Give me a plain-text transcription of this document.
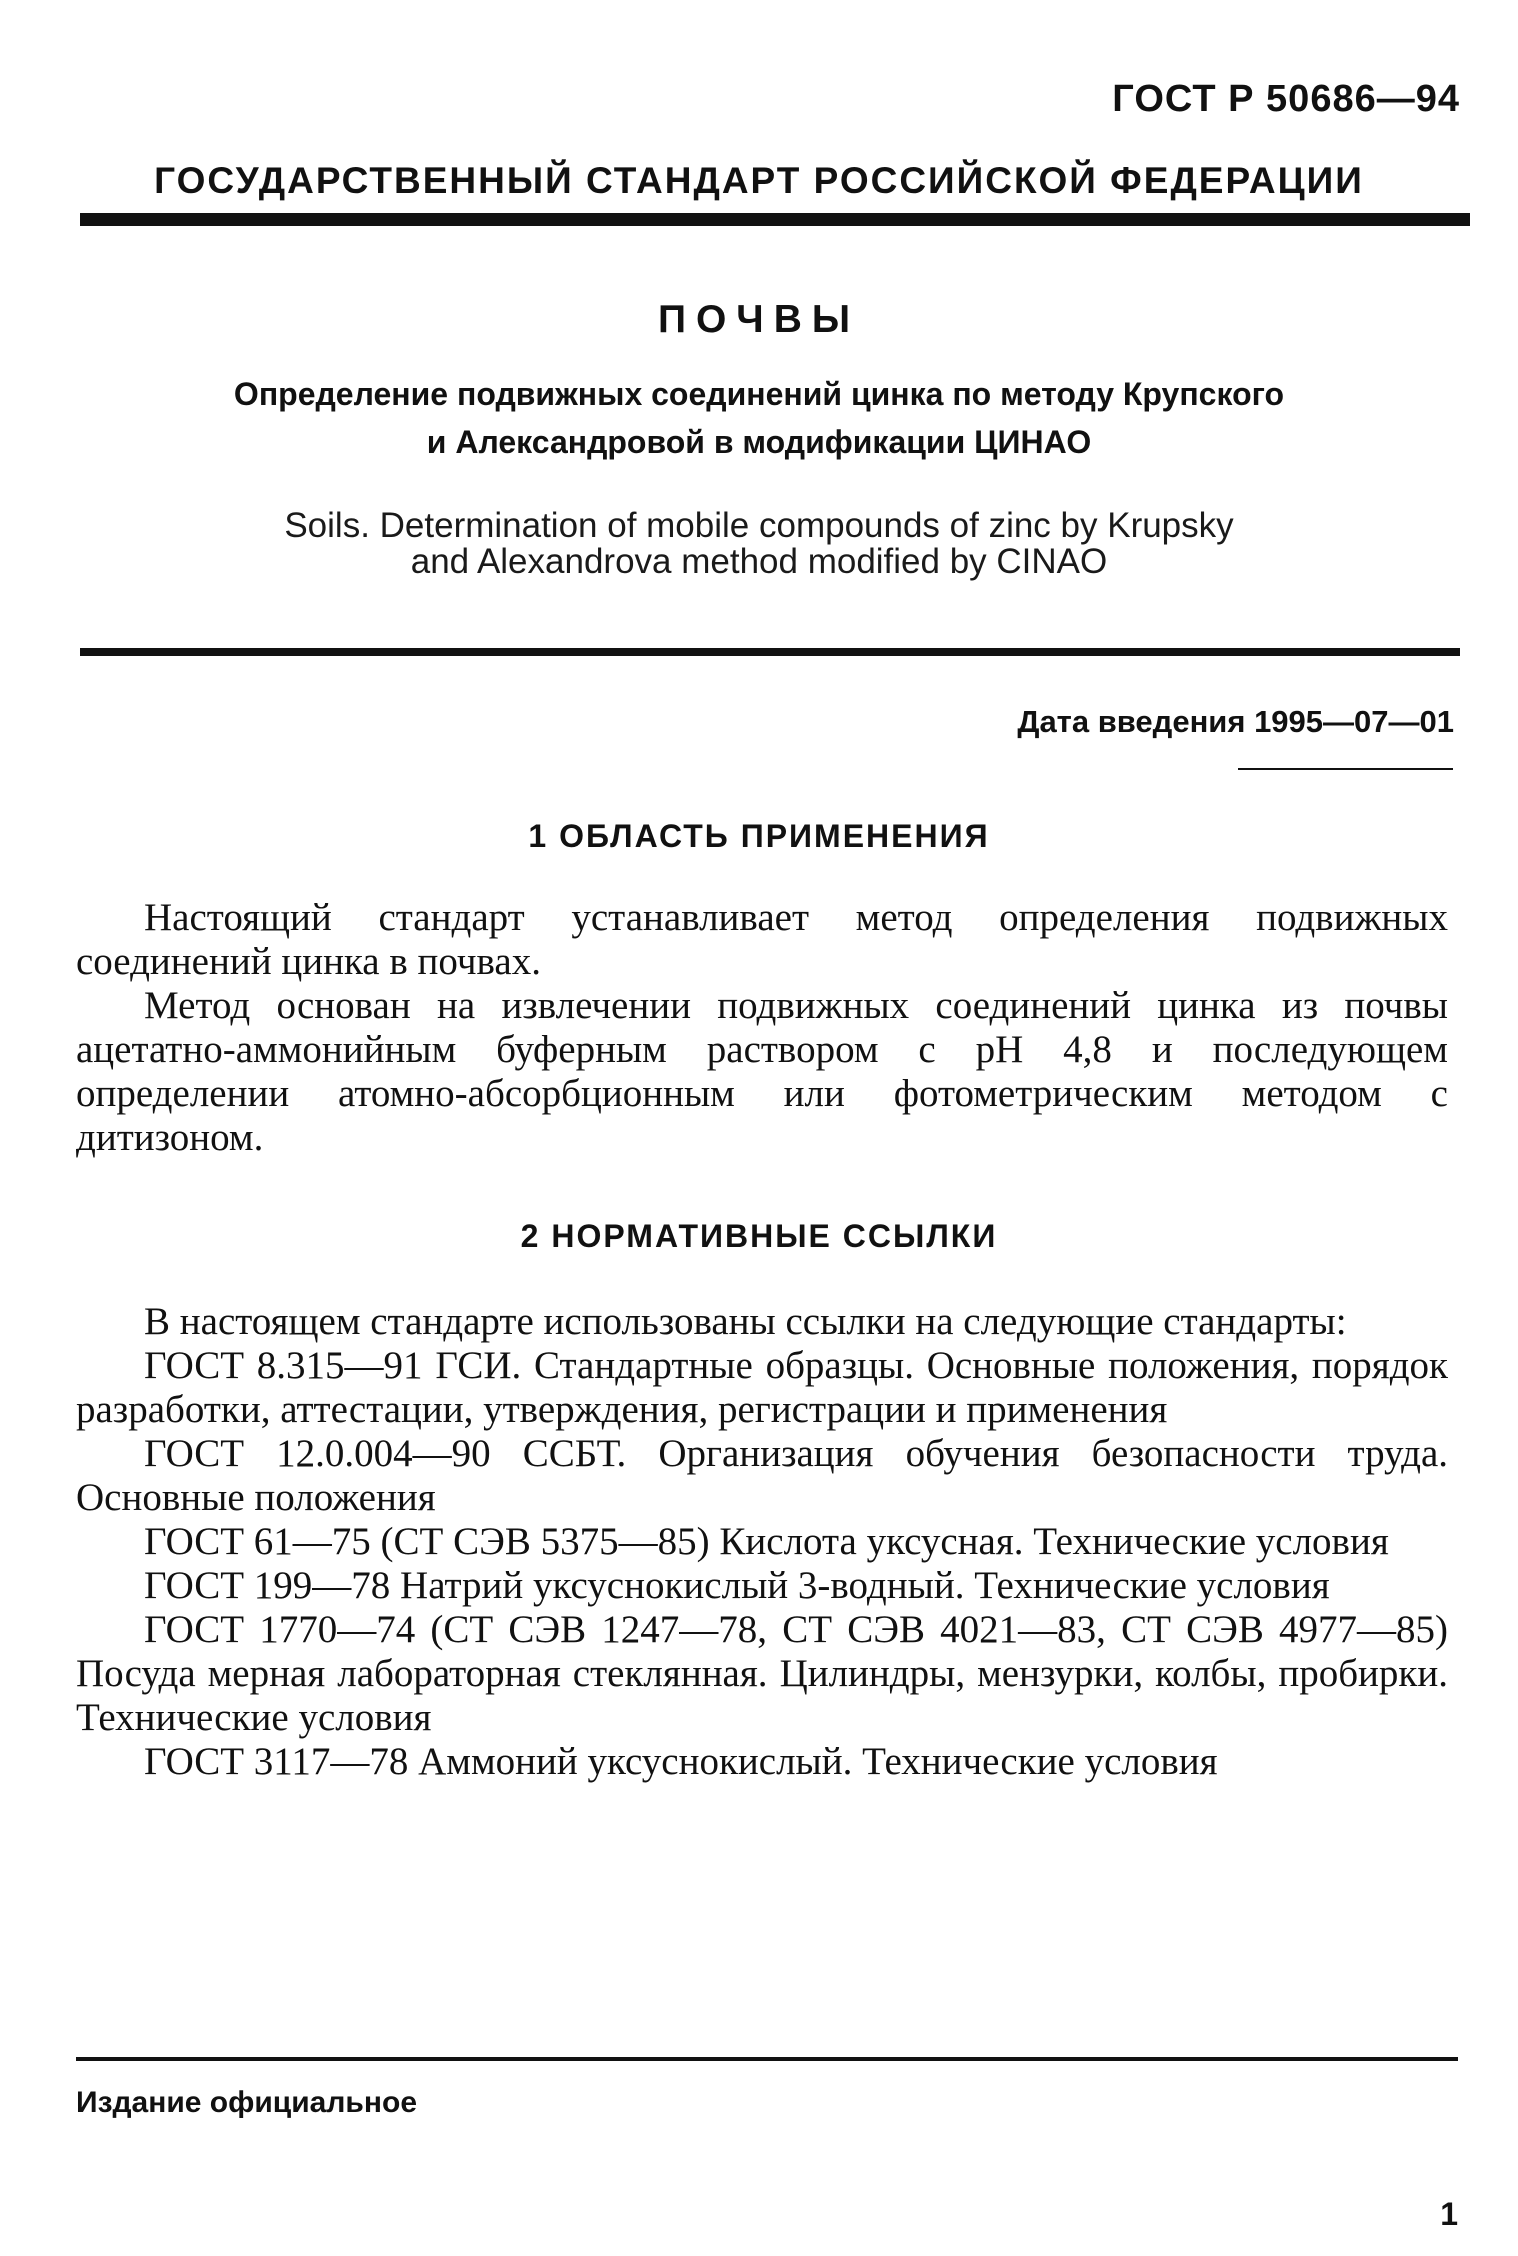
ГОСТ Р 50686—94
ГОСУДАРСТВЕННЫЙ СТАНДАРТ РОССИЙСКОЙ ФЕДЕРАЦИИ
ПОЧВЫ
Определение подвижных соединений цинка по методу Крупского
и Александровой в модификации ЦИНАО
Soils. Determination of mobile compounds of zinc by Krupsky
and Alexandrova method modified by CINAO
Дата введения 1995—07—01
1 ОБЛАСТЬ ПРИМЕНЕНИЯ

Настоящий стандарт устанавливает метод определения подвижных соединений цинка в почвах.

Метод основан на извлечении подвижных соединений цинка из почвы ацетатно-аммонийным буферным раствором с pH 4,8 и последующем определении атомно-абсорбционным или фотометрическим методом с дитизоном.

2 НОРМАТИВНЫЕ ССЫЛКИ

В настоящем стандарте использованы ссылки на следующие стандарты:

ГОСТ 8.315—91 ГСИ. Стандартные образцы. Основные положения, порядок разработки, аттестации, утверждения, регистрации и применения

ГОСТ 12.0.004—90 ССБТ. Организация обучения безопасности труда. Основные положения

ГОСТ 61—75 (СТ СЭВ 5375—85) Кислота уксусная. Технические условия

ГОСТ 199—78 Натрий уксуснокислый 3-водный. Технические условия

ГОСТ 1770—74 (СТ СЭВ 1247—78, СТ СЭВ 4021—83, СТ СЭВ 4977—85) Посуда мерная лабораторная стеклянная. Цилиндры, мензурки, колбы, пробирки. Технические условия

ГОСТ 3117—78 Аммоний уксуснокислый. Технические условия

Издание официальное
1
